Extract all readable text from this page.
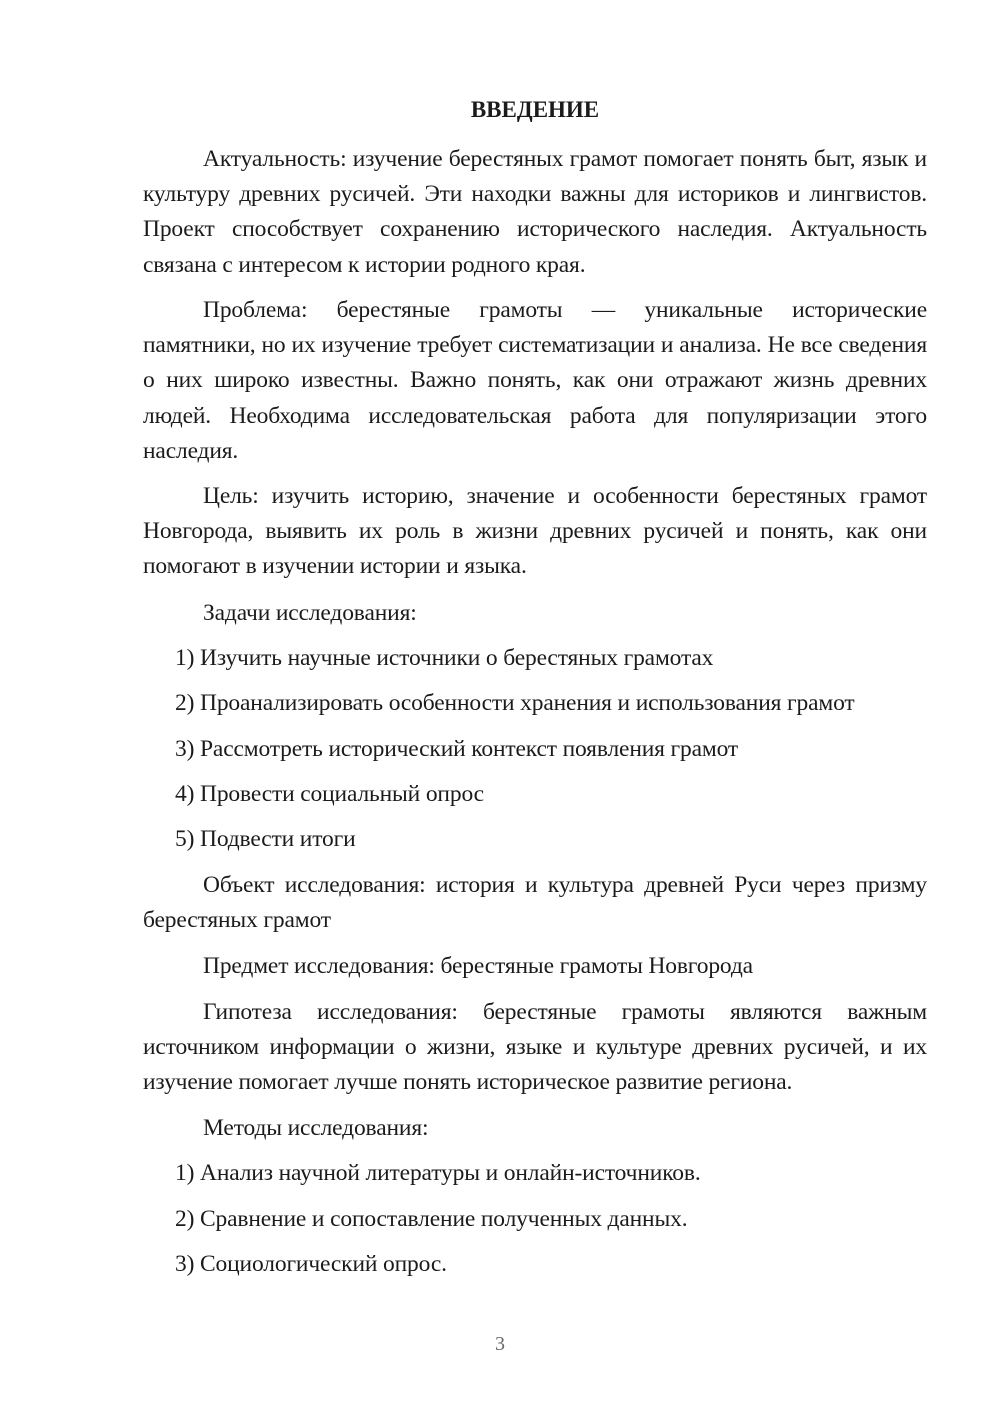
ВВЕДЕНИЕ

Актуальность: изучение берестяных грамот помогает понять быт, язык и культуру древних русичей. Эти находки важны для историков и лингвистов. Проект способствует сохранению исторического наследия. Актуальность связана с интересом к истории родного края.

Проблема: берестяные грамоты — уникальные исторические памятники, но их изучение требует систематизации и анализа. Не все сведения о них широко известны. Важно понять, как они отражают жизнь древних людей. Необходима исследовательская работа для популяризации этого наследия.

Цель: изучить историю, значение и особенности берестяных грамот Новгорода, выявить их роль в жизни древних русичей и понять, как они помогают в изучении истории и языка.

Задачи исследования:
1) Изучить научные источники о берестяных грамотах
2) Проанализировать особенности хранения и использования грамот
3) Рассмотреть исторический контекст появления грамот
4) Провести социальный опрос
5) Подвести итоги

Объект исследования: история и культура древней Руси через призму берестяных грамот

Предмет исследования: берестяные грамоты Новгорода

Гипотеза исследования: берестяные грамоты являются важным источником информации о жизни, языке и культуре древних русичей, и их изучение помогает лучше понять историческое развитие региона.

Методы исследования:
1) Анализ научной литературы и онлайн-источников.
2) Сравнение и сопоставление полученных данных.
3) Социологический опрос.
3
